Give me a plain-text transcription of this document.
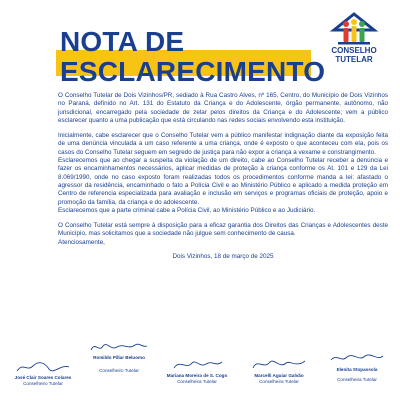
NOTA DE
ESCLARECIMENTO
CONSELHO
TUTELAR

O Conselho Tutelar de Dois Vizinhos/PR, sediado à Rua Castro Alves, nº 165, Centro, do Município de Dois Vizinhos no Paraná, definido no Art. 131 do Estatuto da Criança e do Adolescente, órgão permanente, autônomo, não jurisdicional, encarregado pela sociedade de zelar pelos direitos da Criança e do Adolescente; vem a público esclarecer quanto a uma publicação que está circulando nas redes sociais envolvendo esta instituição.

Inicialmente, cabe esclarecer que o Conselho Tutelar vem a público manifestar indignação diante da exposição feita de uma denúncia vinculada a um caso referente a uma criança, onde é exposto o que aconteceu com ela, pois os casos do Conselho Tutelar seguem em segredo de justiça para não expor a criança a vexame e constrangimento.

Esclarecemos que ao chegar a suspeita da violação de um direito, cabe ao Conselho Tutelar receber a denúncia e fazer os encaminhamentos necessários, aplicar medidas de proteção à criança conforme os At. 101 e 129 da Lei 8.069/1990, onde no caso exposto foram realizadas todos os procedimentos conforme manda a lei: afastado o agressor da residência, encaminhado o fato a Polícia Civil e ao Ministério Público e aplicado a medida proteção em Centro de referencia especializada para avaliação e inclusão em serviços e programas oficiais de proteção, apoio e promoção da família, da criança e do adolescente.

Esclarecemos que a parte criminal cabe a Polícia Civil, ao Ministério Público e ao Judiciário.

O Conselho Tutelar está sempre à disposição para a eficaz garantia dos Direitos das Crianças e Adolescentes deste Município, mas solicitamos que a sociedade não julgue sem conhecimento de causa.

Atenciosamente,

Dois Vizinhos, 18 de março de 2025
José Clair Soares Colares
Conselheiro Tutelar
Romildo Pillar Beluomo
Conselheiro Tutelar
Mariana Moreira de S. Cogo
Conselheira Tutelar
Marcelli Aguiar Galvão
Conselheira Tutelar
Elenita Stopassola
Conselheira Tutelar
